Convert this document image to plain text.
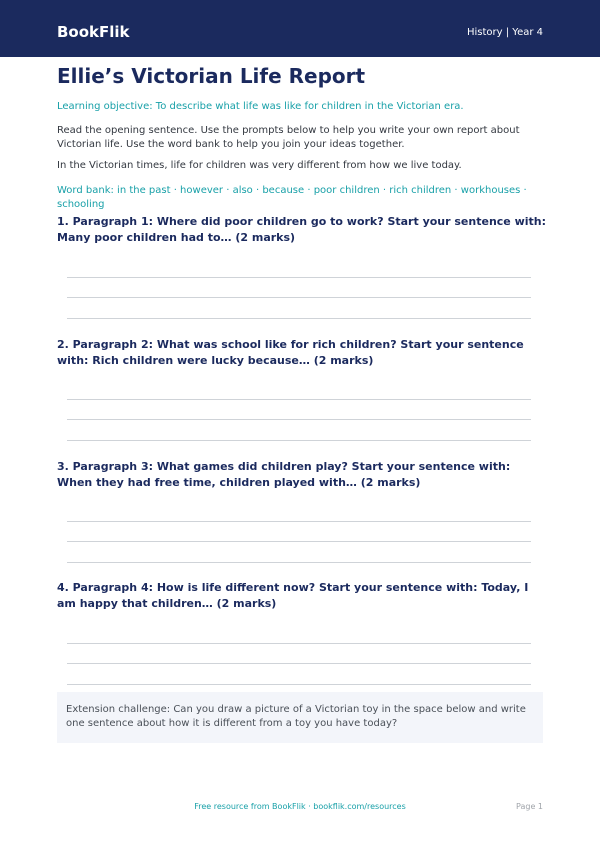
BookFlik	History | Year 4
Ellie’s Victorian Life Report

Learning objective: To describe what life was like for children in the Victorian era.

Read the opening sentence. Use the prompts below to help you write your own report about Victorian life. Use the word bank to help you join your ideas together.

In the Victorian times, life for children was very different from how we live today.

Word bank: in the past · however · also · because · poor children · rich children · workhouses · schooling

1. Paragraph 1: Where did poor children go to work? Start your sentence with: Many poor children had to… (2 marks)

2. Paragraph 2: What was school like for rich children? Start your sentence with: Rich children were lucky because… (2 marks)

3. Paragraph 3: What games did children play? Start your sentence with: When they had free time, children played with… (2 marks)

4. Paragraph 4: How is life different now? Start your sentence with: Today, I am happy that children… (2 marks)

Extension challenge: Can you draw a picture of a Victorian toy in the space below and write one sentence about how it is different from a toy you have today?
Free resource from BookFlik · bookflik.com/resources	Page 1
